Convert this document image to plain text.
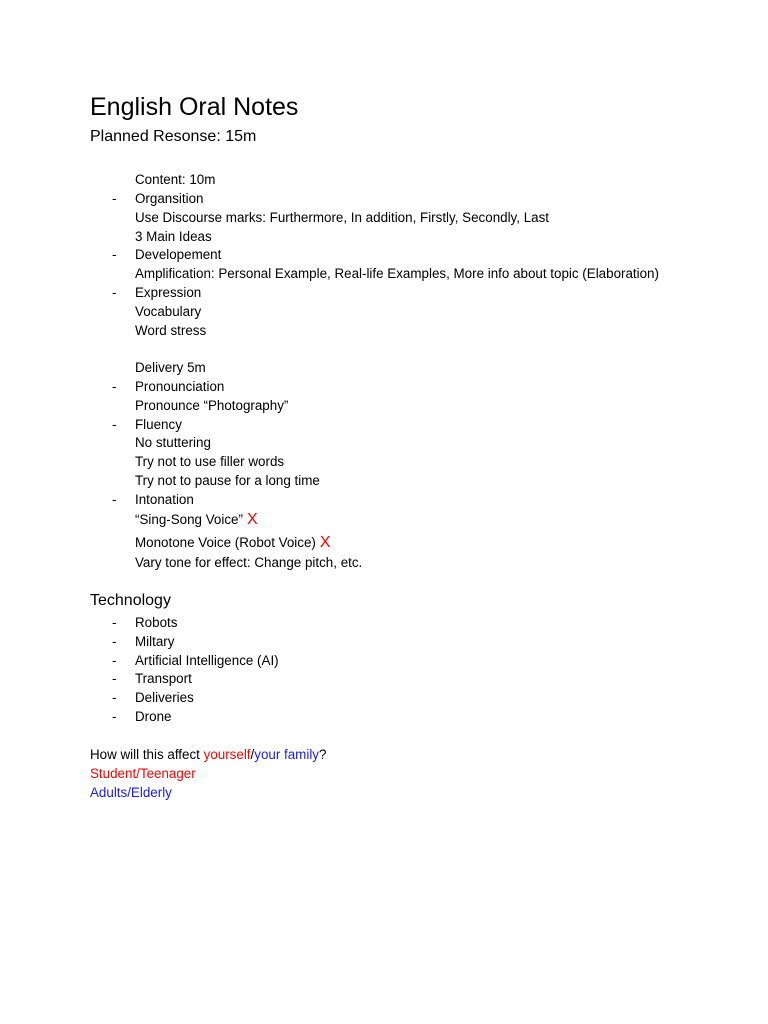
English Oral Notes
Planned Resonse: 15m
Content: 10m
- Organsition
Use Discourse marks: Furthermore, In addition, Firstly, Secondly, Last
3 Main Ideas
- Developement
Amplification: Personal Example, Real-life Examples, More info about topic (Elaboration)
- Expression
Vocabulary
Word stress
Delivery 5m
- Pronounciation
Pronounce “Photography”
- Fluency
No stuttering
Try not to use filler words
Try not to pause for a long time
- Intonation
“Sing-Song Voice” X
Monotone Voice (Robot Voice) X
Vary tone for effect: Change pitch, etc.
Technology
- Robots
- Miltary
- Artificial Intelligence (AI)
- Transport
- Deliveries
- Drone
How will this affect yourself/your family?
Student/Teenager
Adults/Elderly
